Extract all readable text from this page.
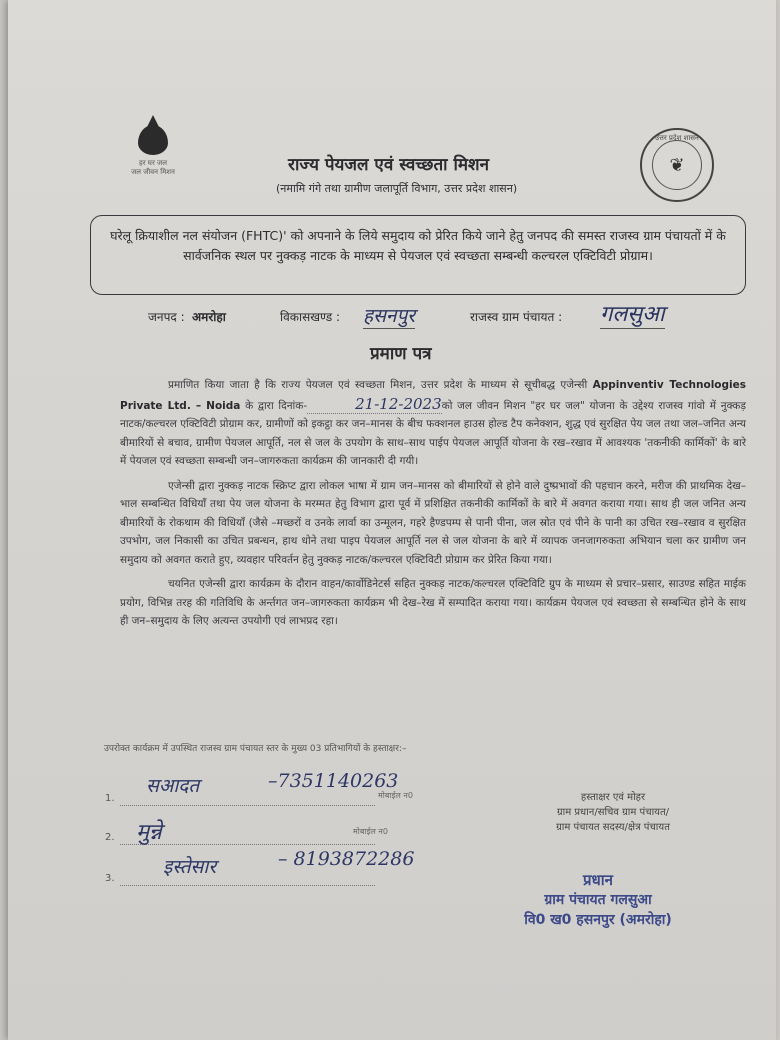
हर घर जल
जल जीवन मिशन	राज्य पेयजल एवं स्वच्छता मिशन
(नमामि गंगे तथा ग्रामीण जलापूर्ति विभाग, उत्तर प्रदेश शासन)
उत्तर प्रदेश शासन
❦
घरेलू क्रियाशील नल संयोजन (FHTC)' को अपनाने के लिये समुदाय को प्रेरित किये जाने हेतु जनपद की समस्त राजस्व ग्राम पंचायतों में के सार्वजनिक स्थल पर नुक्कड़ नाटक के माध्यम से पेयजल एवं स्वच्छता सम्बन्धी कल्चरल एक्टिविटी प्रोग्राम।
जनपद : अमरोहा	विकासखण्ड : हसनपुर	राजस्व ग्राम पंचायत : गलसुआ
प्रमाण पत्र

प्रमाणित किया जाता है कि राज्य पेयजल एवं स्वच्छता मिशन, उत्तर प्रदेश के माध्यम से सूचीबद्ध एजेन्सी Appinventiv Technologies Private Ltd. – Noida के द्वारा दिनांक-	21-12-2023को जल जीवन मिशन "हर घर जल" योजना के उद्देश्य राजस्व गांवो में नुक्कड़ नाटक/कल्चरल एक्टिविटी प्रोग्राम कर, ग्रामीणों को इकट्ठा कर जन–मानस के बीच फक्शनल हाउस होल्ड टैप कनेक्शन, शुद्ध एवं सुरक्षित पेय जल तथा जल–जनित अन्य बीमारियों से बचाव, ग्रामीण पेयजल आपूर्ति, नल से जल के उपयोग के साथ–साथ पाईप पेयजल आपूर्ति योजना के रख–रखाव में आवश्यक 'तकनीकी कार्मिकों' के बारे में पेयजल एवं स्वच्छता सम्बन्धी जन–जागरुकता कार्यक्रम की जानकारी दी गयी।

एजेन्सी द्वारा नुक्कड़ नाटक स्क्रिप्ट द्वारा लोकल भाषा में ग्राम जन–मानस को बीमारियों से होने वाले दुष्प्रभावों की पहचान करने, मरीज की प्राथमिक देख–भाल सम्बन्धित विधियाँ तथा पेय जल योजना के मरम्मत हेतु विभाग द्वारा पूर्व में प्रशिक्षित तकनीकी कार्मिकों के बारे में अवगत कराया गया। साथ ही जल जनित अन्य बीमारियों के रोकथाम की विधियाँ (जैसे –मच्छरों व उनके लार्वा का उन्मूलन, गहरे हैण्डपम्प से पानी पीना, जल स्रोत एवं पीने के पानी का उचित रख–रखाव व सुरक्षित उपभोग, जल निकासी का उचित प्रबन्धन, हाथ धोने तथा पाइप पेयजल आपूर्ति नल से जल योजना के बारे में व्यापक जनजागरुकता अभियान चला कर ग्रामीण जन समुदाय को अवगत कराते हुए, व्यवहार परिवर्तन हेतु नुक्कड़ नाटक/कल्चरल एक्टिविटी प्रोग्राम कर प्रेरित किया गया।

चयनित एजेन्सी द्वारा कार्यक्रम के दौरान वाहन/कार्वोडिनेटर्स सहित नुक्कड़ नाटक/कल्चरल एक्टिविटि ग्रुप के माध्यम से प्रचार–प्रसार, साउण्ड सहित माईक प्रयोग, विभिन्न तरह की गतिविधि के अर्न्तगत जन–जागरुकता कार्यक्रम भी देख–रेख में सम्पादित कराया गया। कार्यक्रम पेयजल एवं स्वच्छता से सम्बन्धित होने के साथ ही जन–समुदाय के लिए अत्यन्त उपयोगी एवं लाभप्रद रहा।

उपरोक्त कार्यक्रम में उपस्थित राजस्व ग्राम पंचायत स्तर के मुख्य 03 प्रतिभागियों के हस्ताक्षर:–
1.
सआदत	–7351140263
मोबाईल न0
2. मुन्ने	मोबाईल न0
3.
इस्तेसार	– 8193872286
हस्ताक्षर एवं मोहर
ग्राम प्रधान/सचिव ग्राम पंचायत/
ग्राम पंचायत सदस्य/क्षेत्र पंचायत
प्रधान
ग्राम पंचायत गलसुआ
वि0 ख0 हसनपुर (अमरोहा)
